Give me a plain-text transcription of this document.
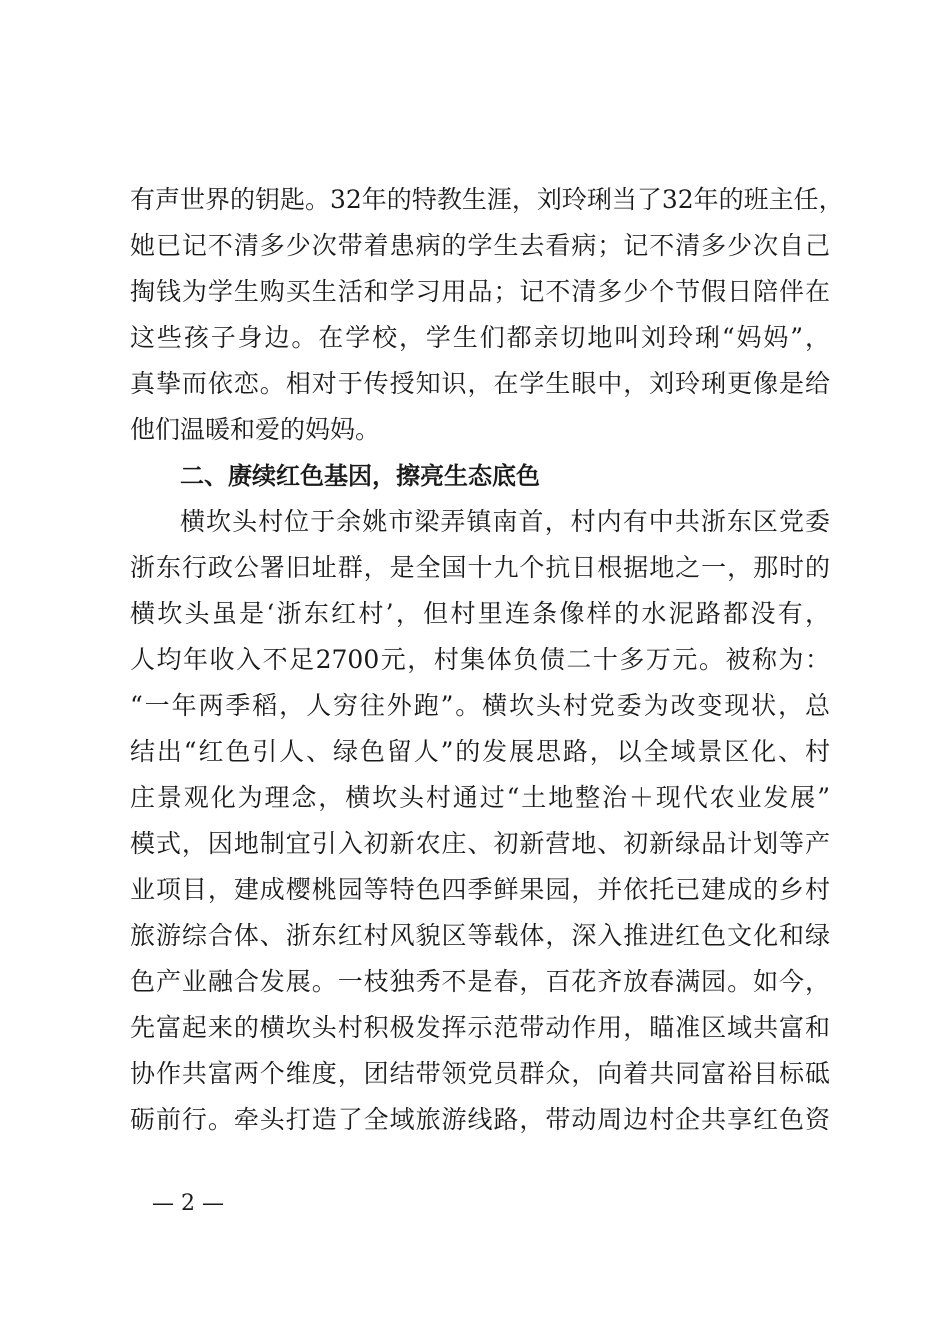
有声世界的钥匙。32年的特教生涯，刘玲琍当了32年的班主任，
她已记不清多少次带着患病的学生去看病；记不清多少次自己
掏钱为学生购买生活和学习用品；记不清多少个节假日陪伴在
这些孩子身边。在学校，学生们都亲切地叫刘玲琍“妈妈”，
真挚而依恋。相对于传授知识，在学生眼中，刘玲琍更像是给
他们温暖和爱的妈妈。
二、赓续红色基因，擦亮生态底色
横坎头村位于余姚市梁弄镇南首，村内有中共浙东区党委
浙东行政公署旧址群，是全国十九个抗日根据地之一，那时的
横坎头虽是‘浙东红村’，但村里连条像样的水泥路都没有，
人均年收入不足2700元，村集体负债二十多万元。被称为：
“一年两季稻，人穷往外跑”。横坎头村党委为改变现状，总
结出“红色引人、绿色留人”的发展思路，以全域景区化、村
庄景观化为理念，横坎头村通过“土地整治＋现代农业发展”
模式，因地制宜引入初新农庄、初新营地、初新绿品计划等产
业项目，建成樱桃园等特色四季鲜果园，并依托已建成的乡村
旅游综合体、浙东红村风貌区等载体，深入推进红色文化和绿
色产业融合发展。一枝独秀不是春，百花齐放春满园。如今，
先富起来的横坎头村积极发挥示范带动作用，瞄准区域共富和
协作共富两个维度，团结带领党员群众，向着共同富裕目标砥
砺前行。牵头打造了全域旅游线路，带动周边村企共享红色资
— 2 —
